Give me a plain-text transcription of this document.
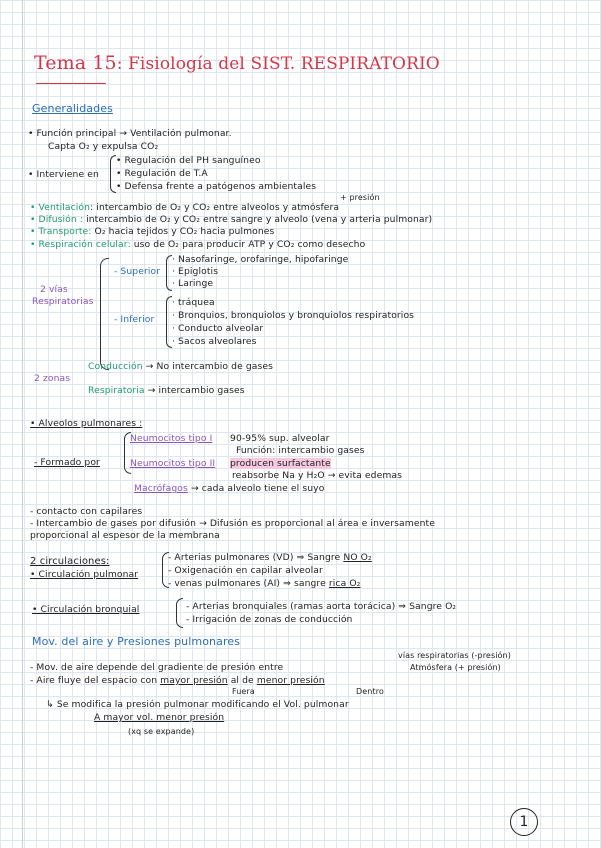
Tema 15: Fisiología del SIST. RESPIRATORIO
Generalidades
• Función principal → Ventilación pulmonar.
Capta O₂ y expulsa CO₂
• Interviene en
• Regulación del PH sanguíneo
• Regulación de T.A
• Defensa frente a patógenos ambientales
+ presión
• Ventilación: intercambio de O₂ y CO₂ entre alveolos y atmósfera
• Difusión : intercambio de O₂ y CO₂ entre sangre y alveolo (vena y arteria pulmonar)
• Transporte: O₂ hacia tejidos y CO₂ hacia pulmones
• Respiración celular: uso de O₂ para producir ATP y CO₂ como desecho
2 vías
Respiratorias
- Superior
· Nasofaringe, orofaringe, hipofaringe
· Epiglotis
· Laringe
- Inferior
· tráquea
· Bronquios, bronquiolos y bronquiolos respiratorios
· Conducto alveolar
· Sacos alveolares
2 zonas
Conducción → No intercambio de gases
Respiratoria → intercambio gases
• Alveolos pulmonares :
- Formado por
Neumocitos tipo I 90-95% sup. alveolar
Función: intercambio gases
Neumocitos tipo II producen surfactante
reabsorbe Na y H₂O → evita edemas
Macrófagos → cada alveolo tiene el suyo
- contacto con capilares
- Intercambio de gases por difusión → Difusión es proporcional al área e inversamente
proporcional al espesor de la membrana
2 circulaciones:
• Circulación pulmonar
- Arterias pulmonares (VD) ⇒ Sangre NO O₂
- Oxigenación en capilar alveolar
- venas pulmonares (AI) ⇒ sangre rica O₂
• Circulación bronquial	- Arterias bronquiales (ramas aorta torácica) ⇒ Sangre O₂
- Irrigación de zonas de conducción
Mov. del aire y Presiones pulmonares
vías respiratorias (-presión)
- Mov. de aire depende del gradiente de presión entre	Atmósfera (+ presión)
- Aire fluye del espacio con mayor presión al de menor presión
Fuera	Dentro
↳ Se modifica la presión pulmonar modificando el Vol. pulmonar
A mayor vol. menor presión
(xq se expande)
1
